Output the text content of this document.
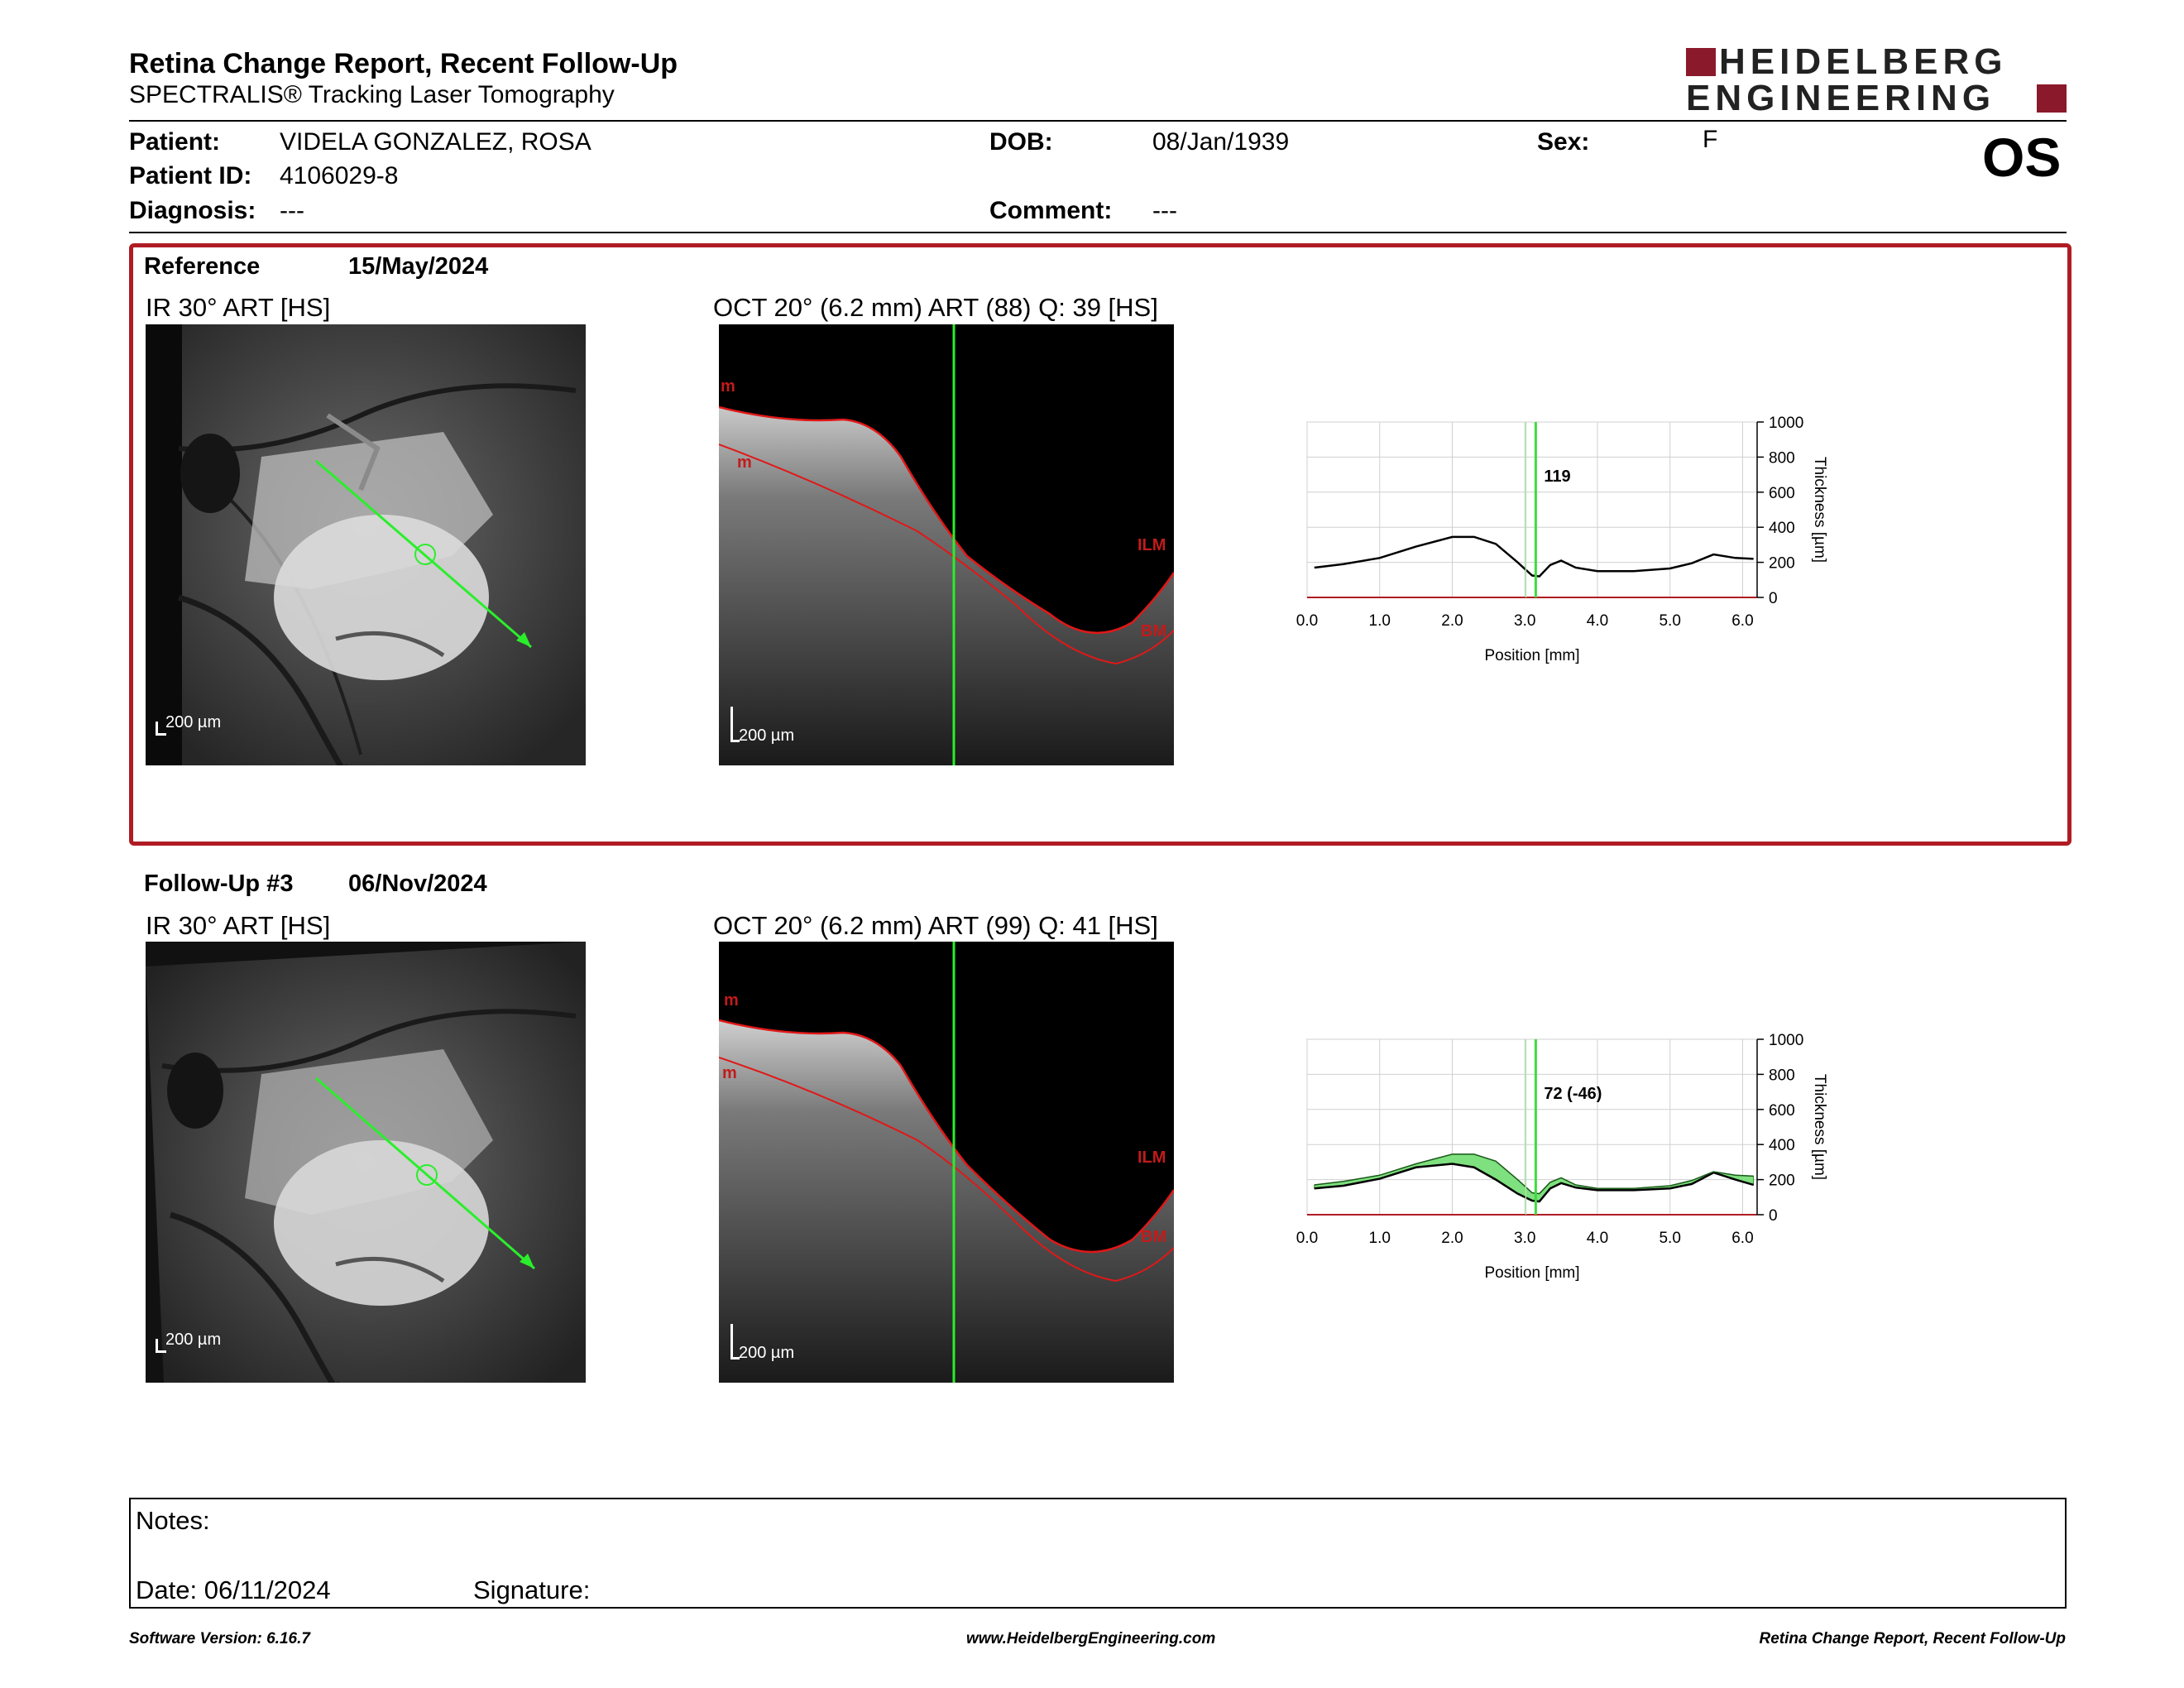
Retina Change Report, Recent Follow-Up
SPECTRALIS® Tracking Laser Tomography
HEIDELBERG
ENGINEERING
Patient: VIDELA GONZALEZ, ROSA
Patient ID: 4106029-8
Diagnosis: ---
DOB:	08/Jan/1939
Comment: ---
Sex:	F	OS
Reference	15/May/2024
IR 30° ART [HS]	OCT 20° (6.2 mm) ART (88) Q: 39 [HS]
200 µm
m
m
ILM
BM
200 µm
0
200
400
600
800
1000
0.0	1.0	2.0	3.0	4.0	5.0	6.0
Position [mm]
Thickness [µm]
119
Follow-Up #3 06/Nov/2024
IR 30° ART [HS]	OCT 20° (6.2 mm) ART (99) Q: 41 [HS]
200 µm
m
m
ILM
BM
200 µm
0
200
400
600
800
1000
0.0	1.0	2.0	3.0	4.0	5.0	6.0
Position [mm]
Thickness [µm]
72 (-46)
Notes:
Date: 06/11/2024	Signature:
Software Version: 6.16.7	www.HeidelbergEngineering.com	Retina Change Report, Recent Follow-Up
